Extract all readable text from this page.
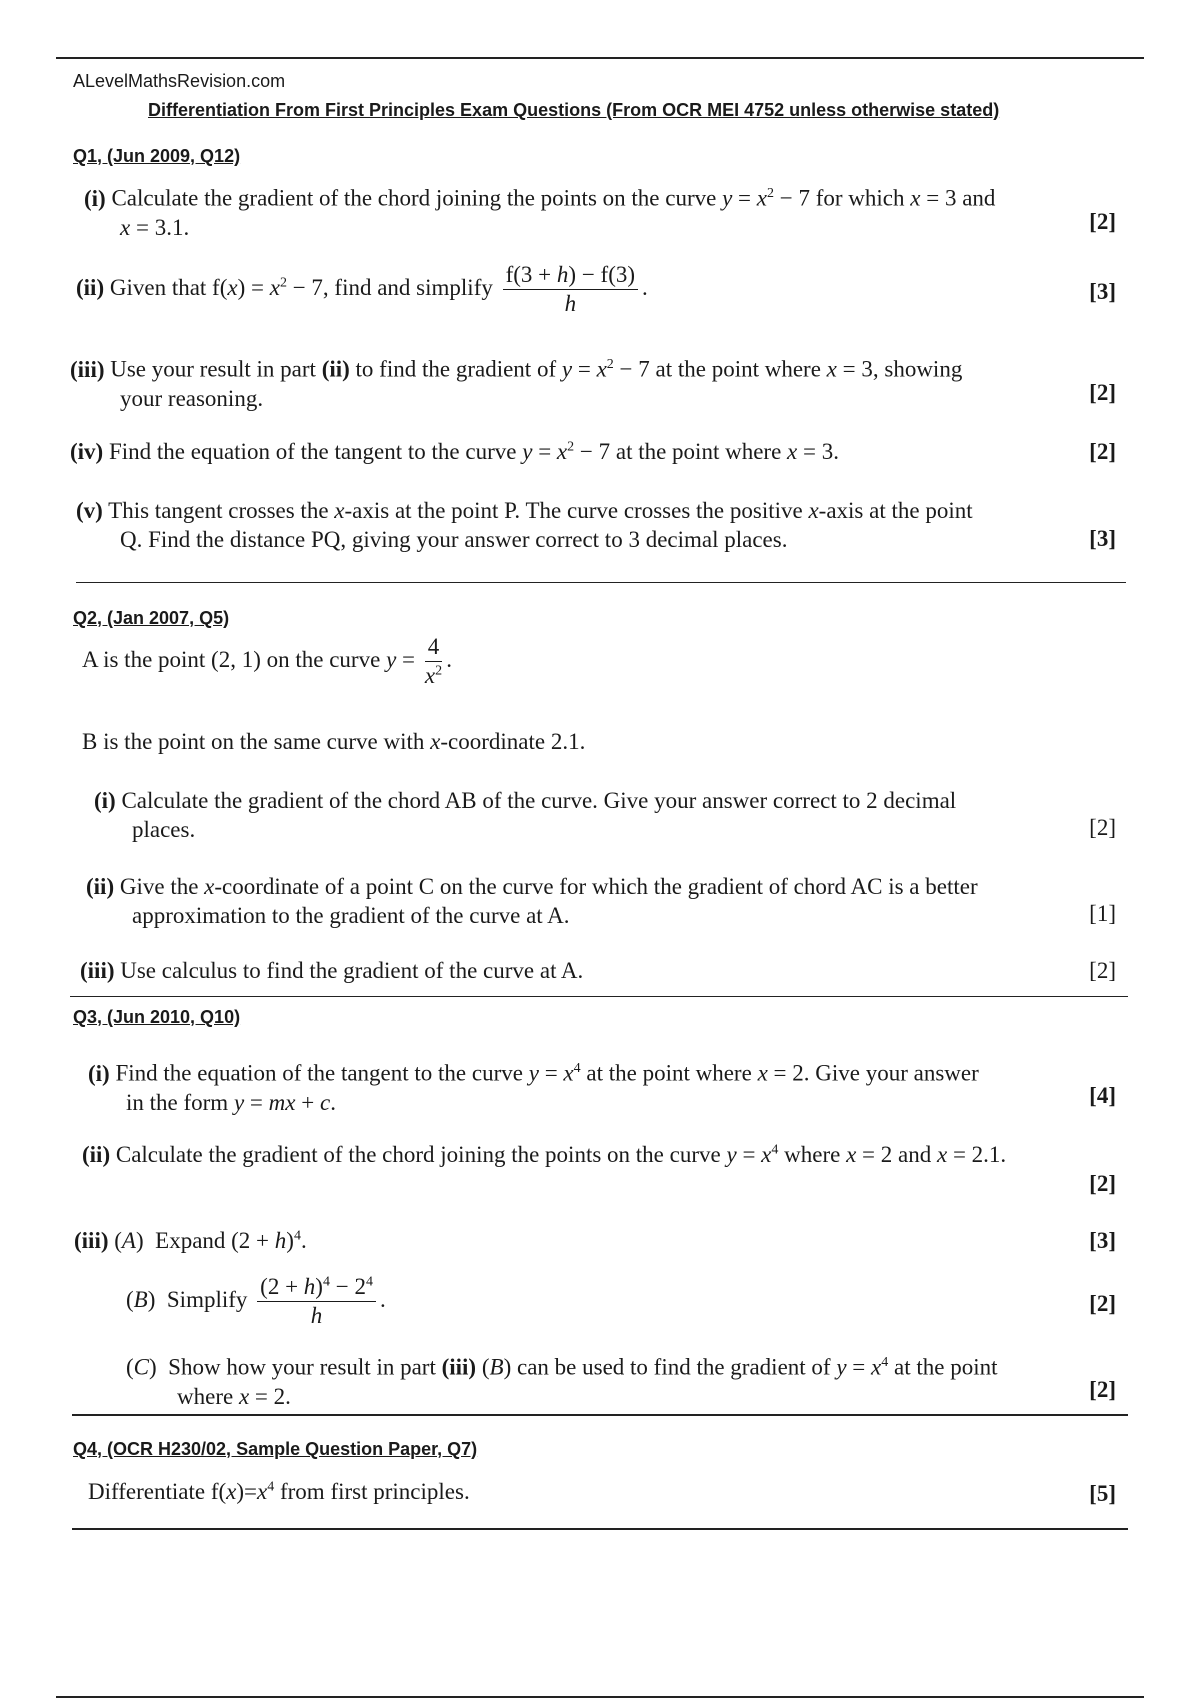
ALevelMathsRevision.com
Differentiation From First Principles Exam Questions (From OCR MEI 4752 unless otherwise stated)
Q1, (Jun 2009, Q12)
(i) Calculate the gradient of the chord joining the points on the curve $y = x^2 - 7$ for which x = 3 and
x = 3.1.	[2]
(ii) Given that $f(x) = x^2 - 7$, find and simplify $\frac{f(3 + h) - f(3)}{h}$ .	[3]
(iii) Use your result in part (ii) to find the gradient of $y = x^2 - 7$ at the point where x = 3, showing
your reasoning.	[2]
(iv) Find the equation of the tangent to the curve $y = x^2 - 7$ at the point where x = 3.	[2]
(v) This tangent crosses the x-axis at the point P. The curve crosses the positive x-axis at the point
Q. Find the distance PQ, giving your answer correct to 3 decimal places.	[3]
Q2, (Jan 2007, Q5)
A is the point (2, 1) on the curve $y = \frac{4}{x^2}$ .
B is the point on the same curve with x-coordinate 2.1.
(i) Calculate the gradient of the chord AB of the curve. Give your answer correct to 2 decimal
places.	[2]
(ii) Give the x-coordinate of a point C on the curve for which the gradient of chord AC is a better
approximation to the gradient of the curve at A.	[1]
(iii) Use calculus to find the gradient of the curve at A.	[2]
Q3, (Jun 2010, Q10)
(i) Find the equation of the tangent to the curve $y = x^4$ at the point where x = 2. Give your answer
in the form y = mx + c.	[4]
(ii) Calculate the gradient of the chord joining the points on the curve $y = x^4$ where x = 2 and x = 2.1.
[2]
(iii) (A)  Expand $(2 + h)^4$.	[3]
(B)  Simplify $\frac{(2 + h)^4 - 2^4}{h}$ .	[2]
(C)  Show how your result in part (iii) (B) can be used to find the gradient of $y = x^4$ at the point
where x = 2.	[2]
Q4, (OCR H230/02, Sample Question Paper, Q7)
Differentiate $f(x)=x^4$ from first principles.	[5]
